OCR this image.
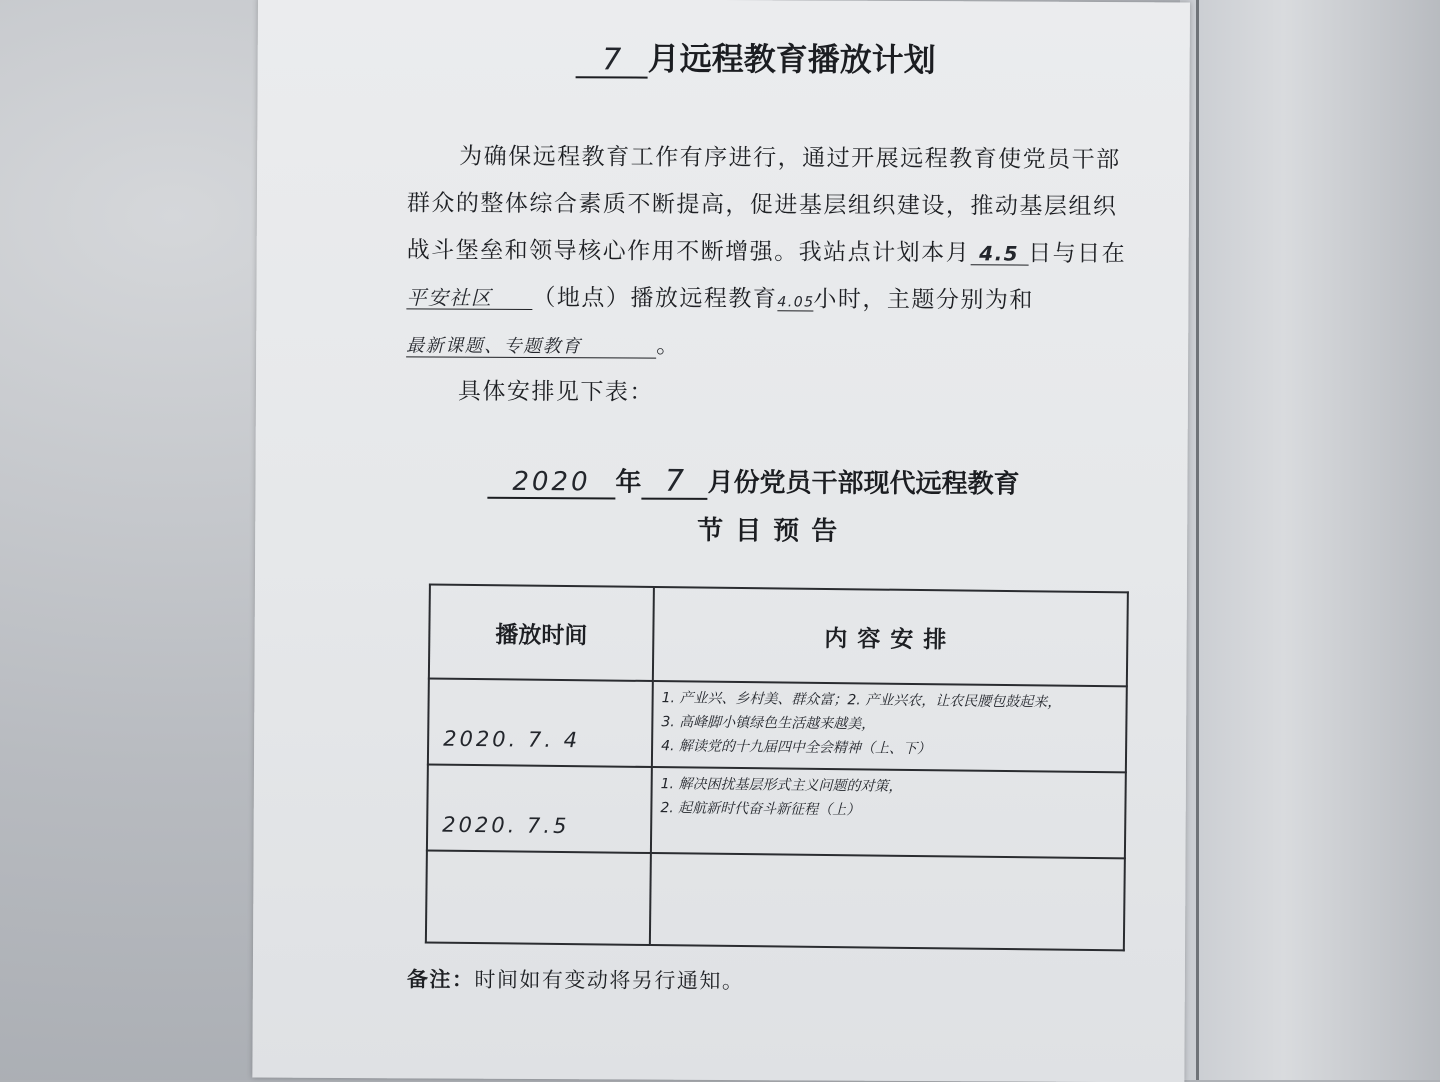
7 月远程教育播放计划

为确保远程教育工作有序进行，通过开展远程教育使党员干部群众的整体综合素质不断提高，促进基层组织建设，推动基层组织战斗堡垒和领导核心作用不断增强。我站点计划本月 4.5 日与日在平安社区 （地点）播放远程教育4.05小时，主题分别为和最新课题、专题教育	。

具体安排见下表：

2020 年 7 月份党员干部现代远程教育
节目预告
播放时间	内容安排
2020. 7. 4	1. 产业兴、乡村美、群众富；2. 产业兴农，让农民腰包鼓起来，
3. 高峰脚小镇绿色生活越来越美，
4. 解读党的十九届四中全会精神（上、下）

2020. 7.5	1. 解决困扰基层形式主义问题的对策，
2. 起航新时代奋斗新征程（上）

备注：时间如有变动将另行通知。
